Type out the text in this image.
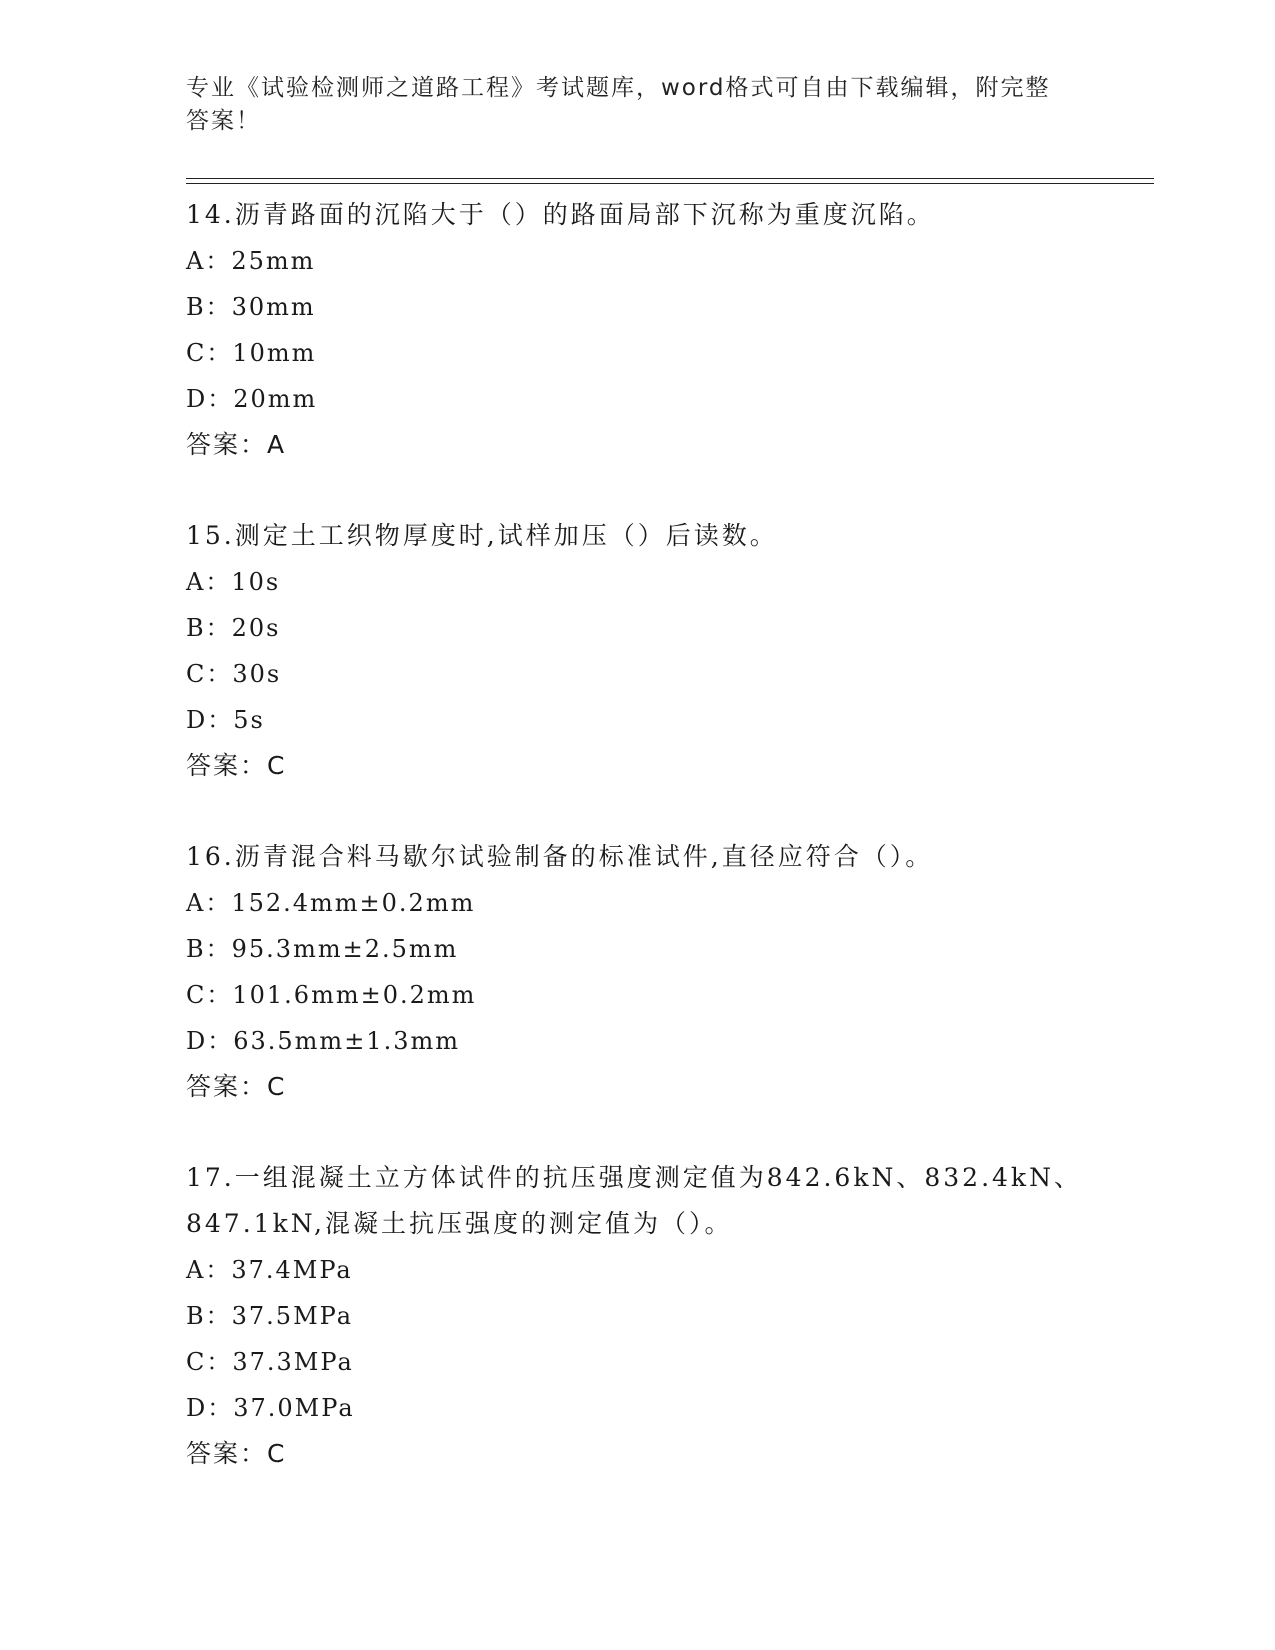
专业《试验检测师之道路工程》考试题库，word格式可自由下载编辑，附完整答案！

14.沥青路面的沉陷大于（）的路面局部下沉称为重度沉陷。

A：25mm

B：30mm

C：10mm

D：20mm

答案：A

15.测定土工织物厚度时,试样加压（）后读数。

A：10s

B：20s

C：30s

D：5s

答案：C

16.沥青混合料马歇尔试验制备的标准试件,直径应符合（）。

A：152.4mm±0.2mm

B：95.3mm±2.5mm

C：101.6mm±0.2mm

D：63.5mm±1.3mm

答案：C

17.一组混凝土立方体试件的抗压强度测定值为842.6kN、832.4kN、847.1kN,混凝土抗压强度的测定值为（）。

A：37.4MPa

B：37.5MPa

C：37.3MPa

D：37.0MPa

答案：C
